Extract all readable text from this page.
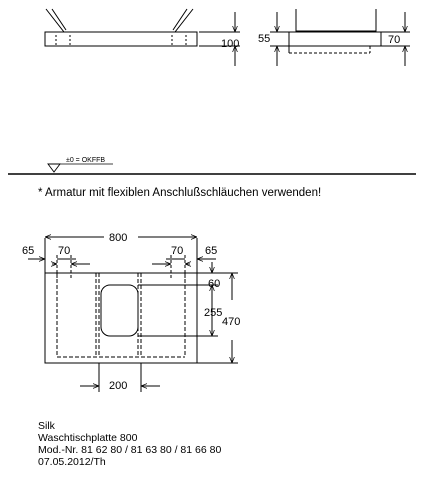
100 55	70
±0 = OKFFB
800
65 70	70 65
60
255
470
200
* Armatur mit flexiblen Anschlußschläuchen verwenden!
Silk
Waschtischplatte 800
Mod.-Nr. 81 62 80 / 81 63 80 / 81 66 80
07.05.2012/Th
